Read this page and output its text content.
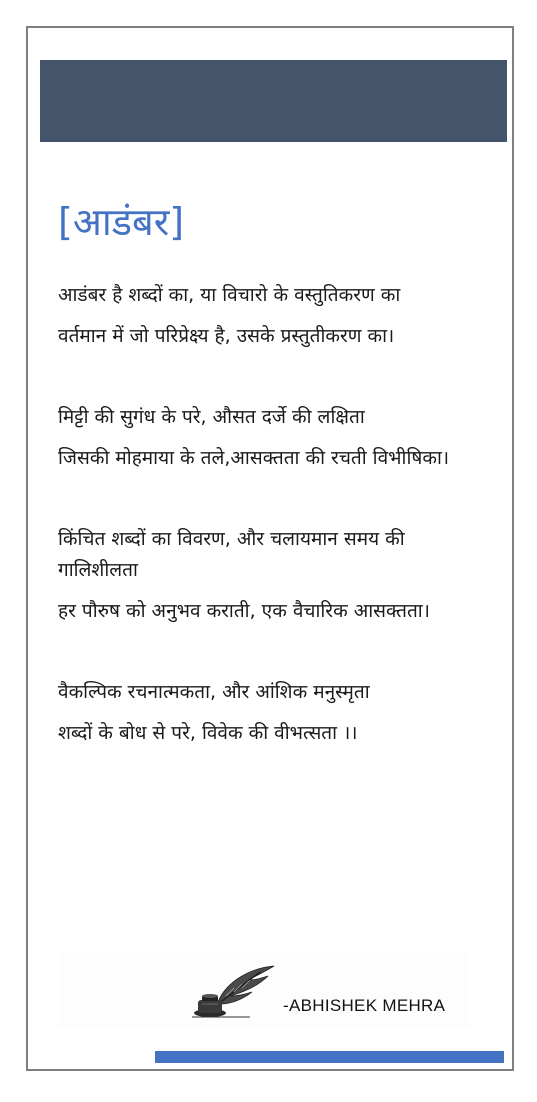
[आडंबर]
आडंबर है शब्दों का, या विचारो के वस्तुतिकरण का
वर्तमान में जो परिप्रेक्ष्य है, उसके प्रस्तुतीकरण का।
मिट्टी की सुगंध के परे, औसत दर्जे की लक्षिता
जिसकी मोहमाया के तले,आसक्तता की रचती विभीषिका।
किंचित शब्दों का विवरण, और चलायमान समय की गालिशीलता
हर पौरुष को अनुभव कराती, एक वैचारिक आसक्तता।
वैकल्पिक रचनात्मकता, और आंशिक मनुस्मृता
शब्दों के बोध से परे, विवेक की वीभत्सता ।।
-ABHISHEK MEHRA
